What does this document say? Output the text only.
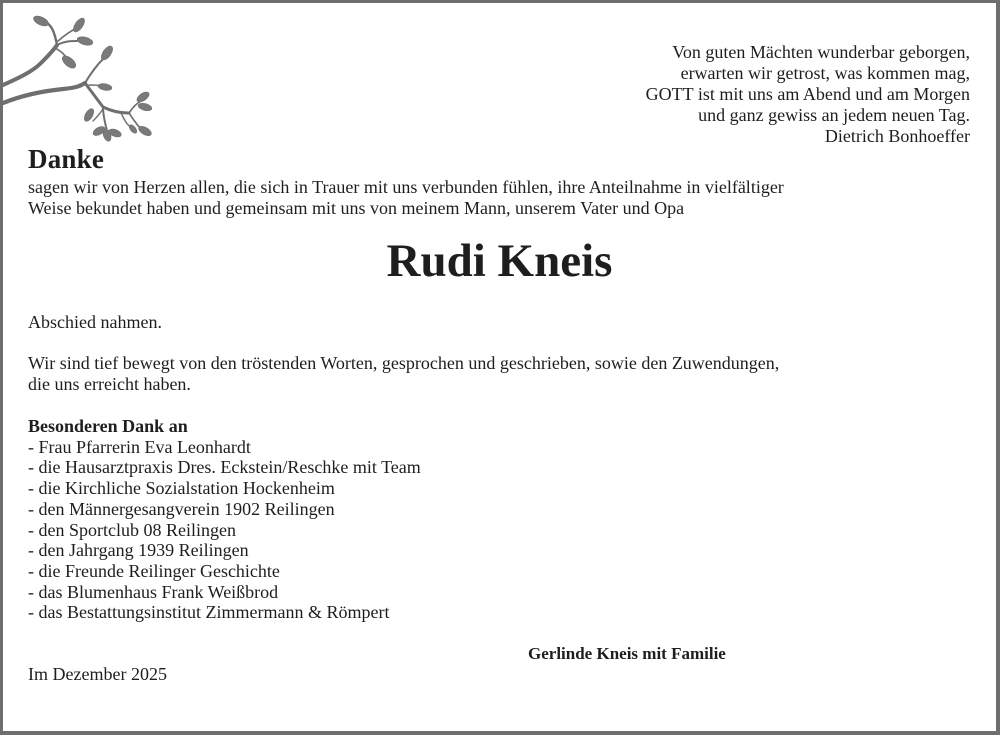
Von guten Mächten wunderbar geborgen,
erwarten wir getrost, was kommen mag,
GOTT ist mit uns am Abend und am Morgen
und ganz gewiss an jedem neuen Tag.
Dietrich Bonhoeffer
Danke

sagen wir von Herzen allen, die sich in Trauer mit uns verbunden fühlen, ihre Anteilnahme in vielfältiger
Weise bekundet haben und gemeinsam mit uns von meinem Mann, unserem Vater und Opa

Rudi Kneis

Abschied nahmen.

Wir sind tief bewegt von den tröstenden Worten, gesprochen und geschrieben, sowie den Zuwendungen,
die uns erreicht haben.

Besonderen Dank an
- Frau Pfarrerin Eva Leonhardt
- die Hausarztpraxis Dres. Eckstein/Reschke mit Team
- die Kirchliche Sozialstation Hockenheim
- den Männergesangverein 1902 Reilingen
- den Sportclub 08 Reilingen
- den Jahrgang 1939 Reilingen
- die Freunde Reilinger Geschichte
- das Blumenhaus Frank Weißbrod
- das Bestattungsinstitut Zimmermann & Römpert

Gerlinde Kneis mit Familie

Im Dezember 2025
